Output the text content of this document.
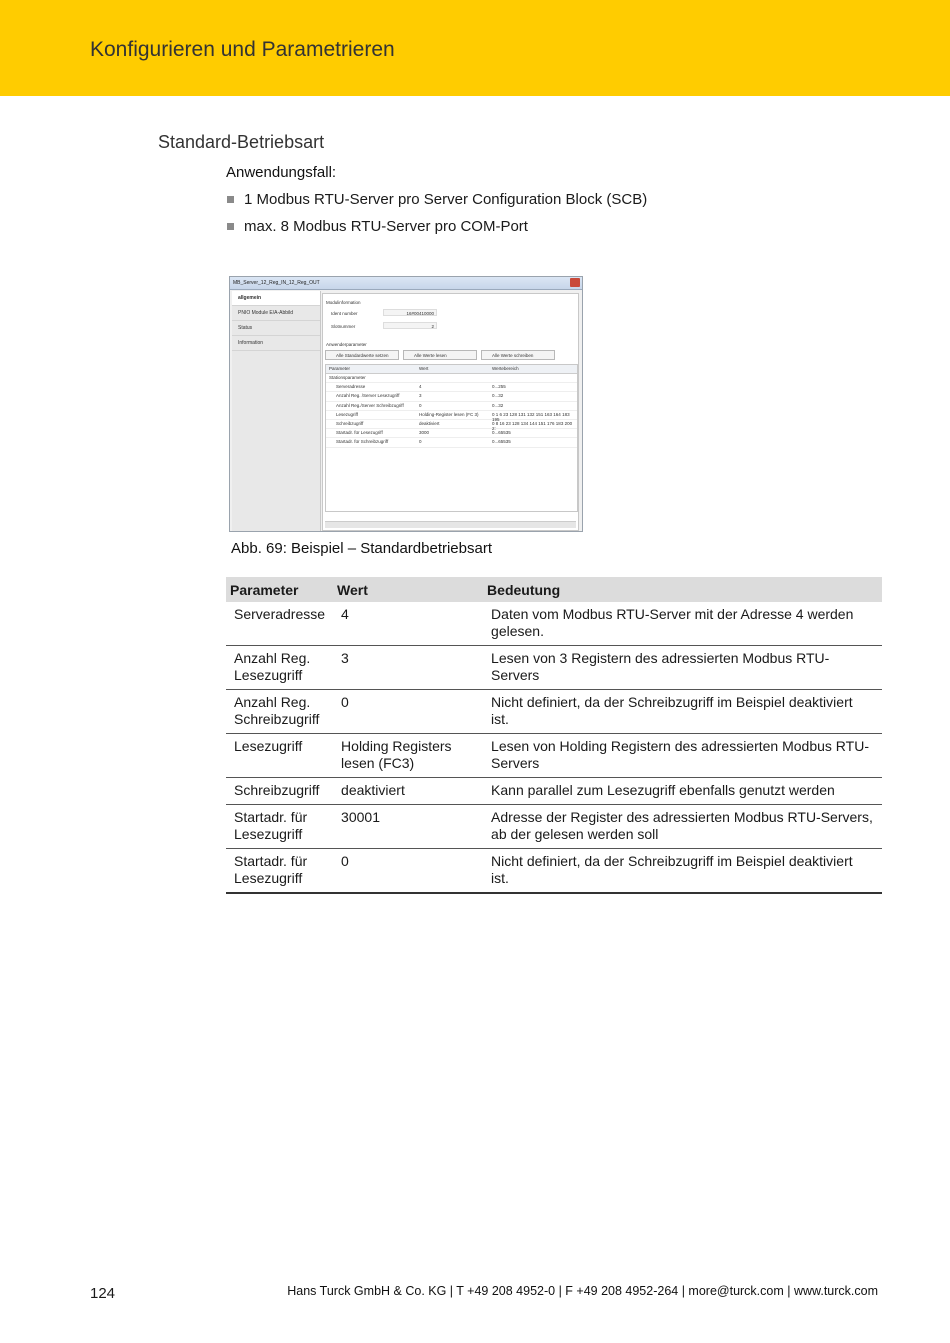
Konfigurieren und Parametrieren
Standard-Betriebsart
Anwendungsfall:
1 Modbus RTU-Server pro Server Configuration Block (SCB)
max. 8 Modbus RTU-Server pro COM-Port
MB_Server_12_Reg_IN_12_Reg_OUT
allgemein
PNIO Module E/A-Abbild
Status
Information
Modulinformation
Ident number	16#00410000
Slotnummer	2
Anwenderparameter
Alle Standardwerte setzen	Alle Werte lesen	Alle Werte schreiben
Parameter	Wert	Wertebereich
Stationsparameter
Serveradresse	4	0...255
Anzahl Reg. /Server Lesezugriff	3	0...32
Anzahl Reg./Server Schreibzugriff	0	0...32
Lesezugriff	Holding-Register lesen (FC 3)	0 1 6 23 128 131 132 151 163 164 183 195
Schreibzugriff	deaktiviert	0 8 16 23 128 134 144 151 176 183 200 2:
Startadr. für Lesezugriff	3000	0...65535
Startadr. für Schreibzugriff	0	0...65535
Abb. 69: Beispiel – Standardbetriebsart
Parameter	Wert	Bedeutung
Serveradresse	4	Daten vom Modbus RTU-Server mit der Adresse 4 werden gelesen.
Anzahl Reg. Lesezugriff	3	Lesen von 3 Registern des adressierten Modbus RTU-Servers
Anzahl Reg. Schreibzugriff	0	Nicht definiert, da der Schreibzugriff im Beispiel deaktiviert ist.
Lesezugriff	Holding Registers lesen (FC3)	Lesen von Holding Registern des adressierten Modbus RTU-Servers
Schreibzugriff	deaktiviert	Kann parallel zum Lesezugriff ebenfalls genutzt werden
Startadr. für Lesezugriff	30001	Adresse der Register des adressierten Modbus RTU-Servers, ab der gelesen werden soll
Startadr. für Lesezugriff	0	Nicht definiert, da der Schreibzugriff im Beispiel deaktiviert ist.
124	Hans Turck GmbH & Co. KG | T +49 208 4952-0 | F +49 208 4952-264 | more@turck.com | www.turck.com
